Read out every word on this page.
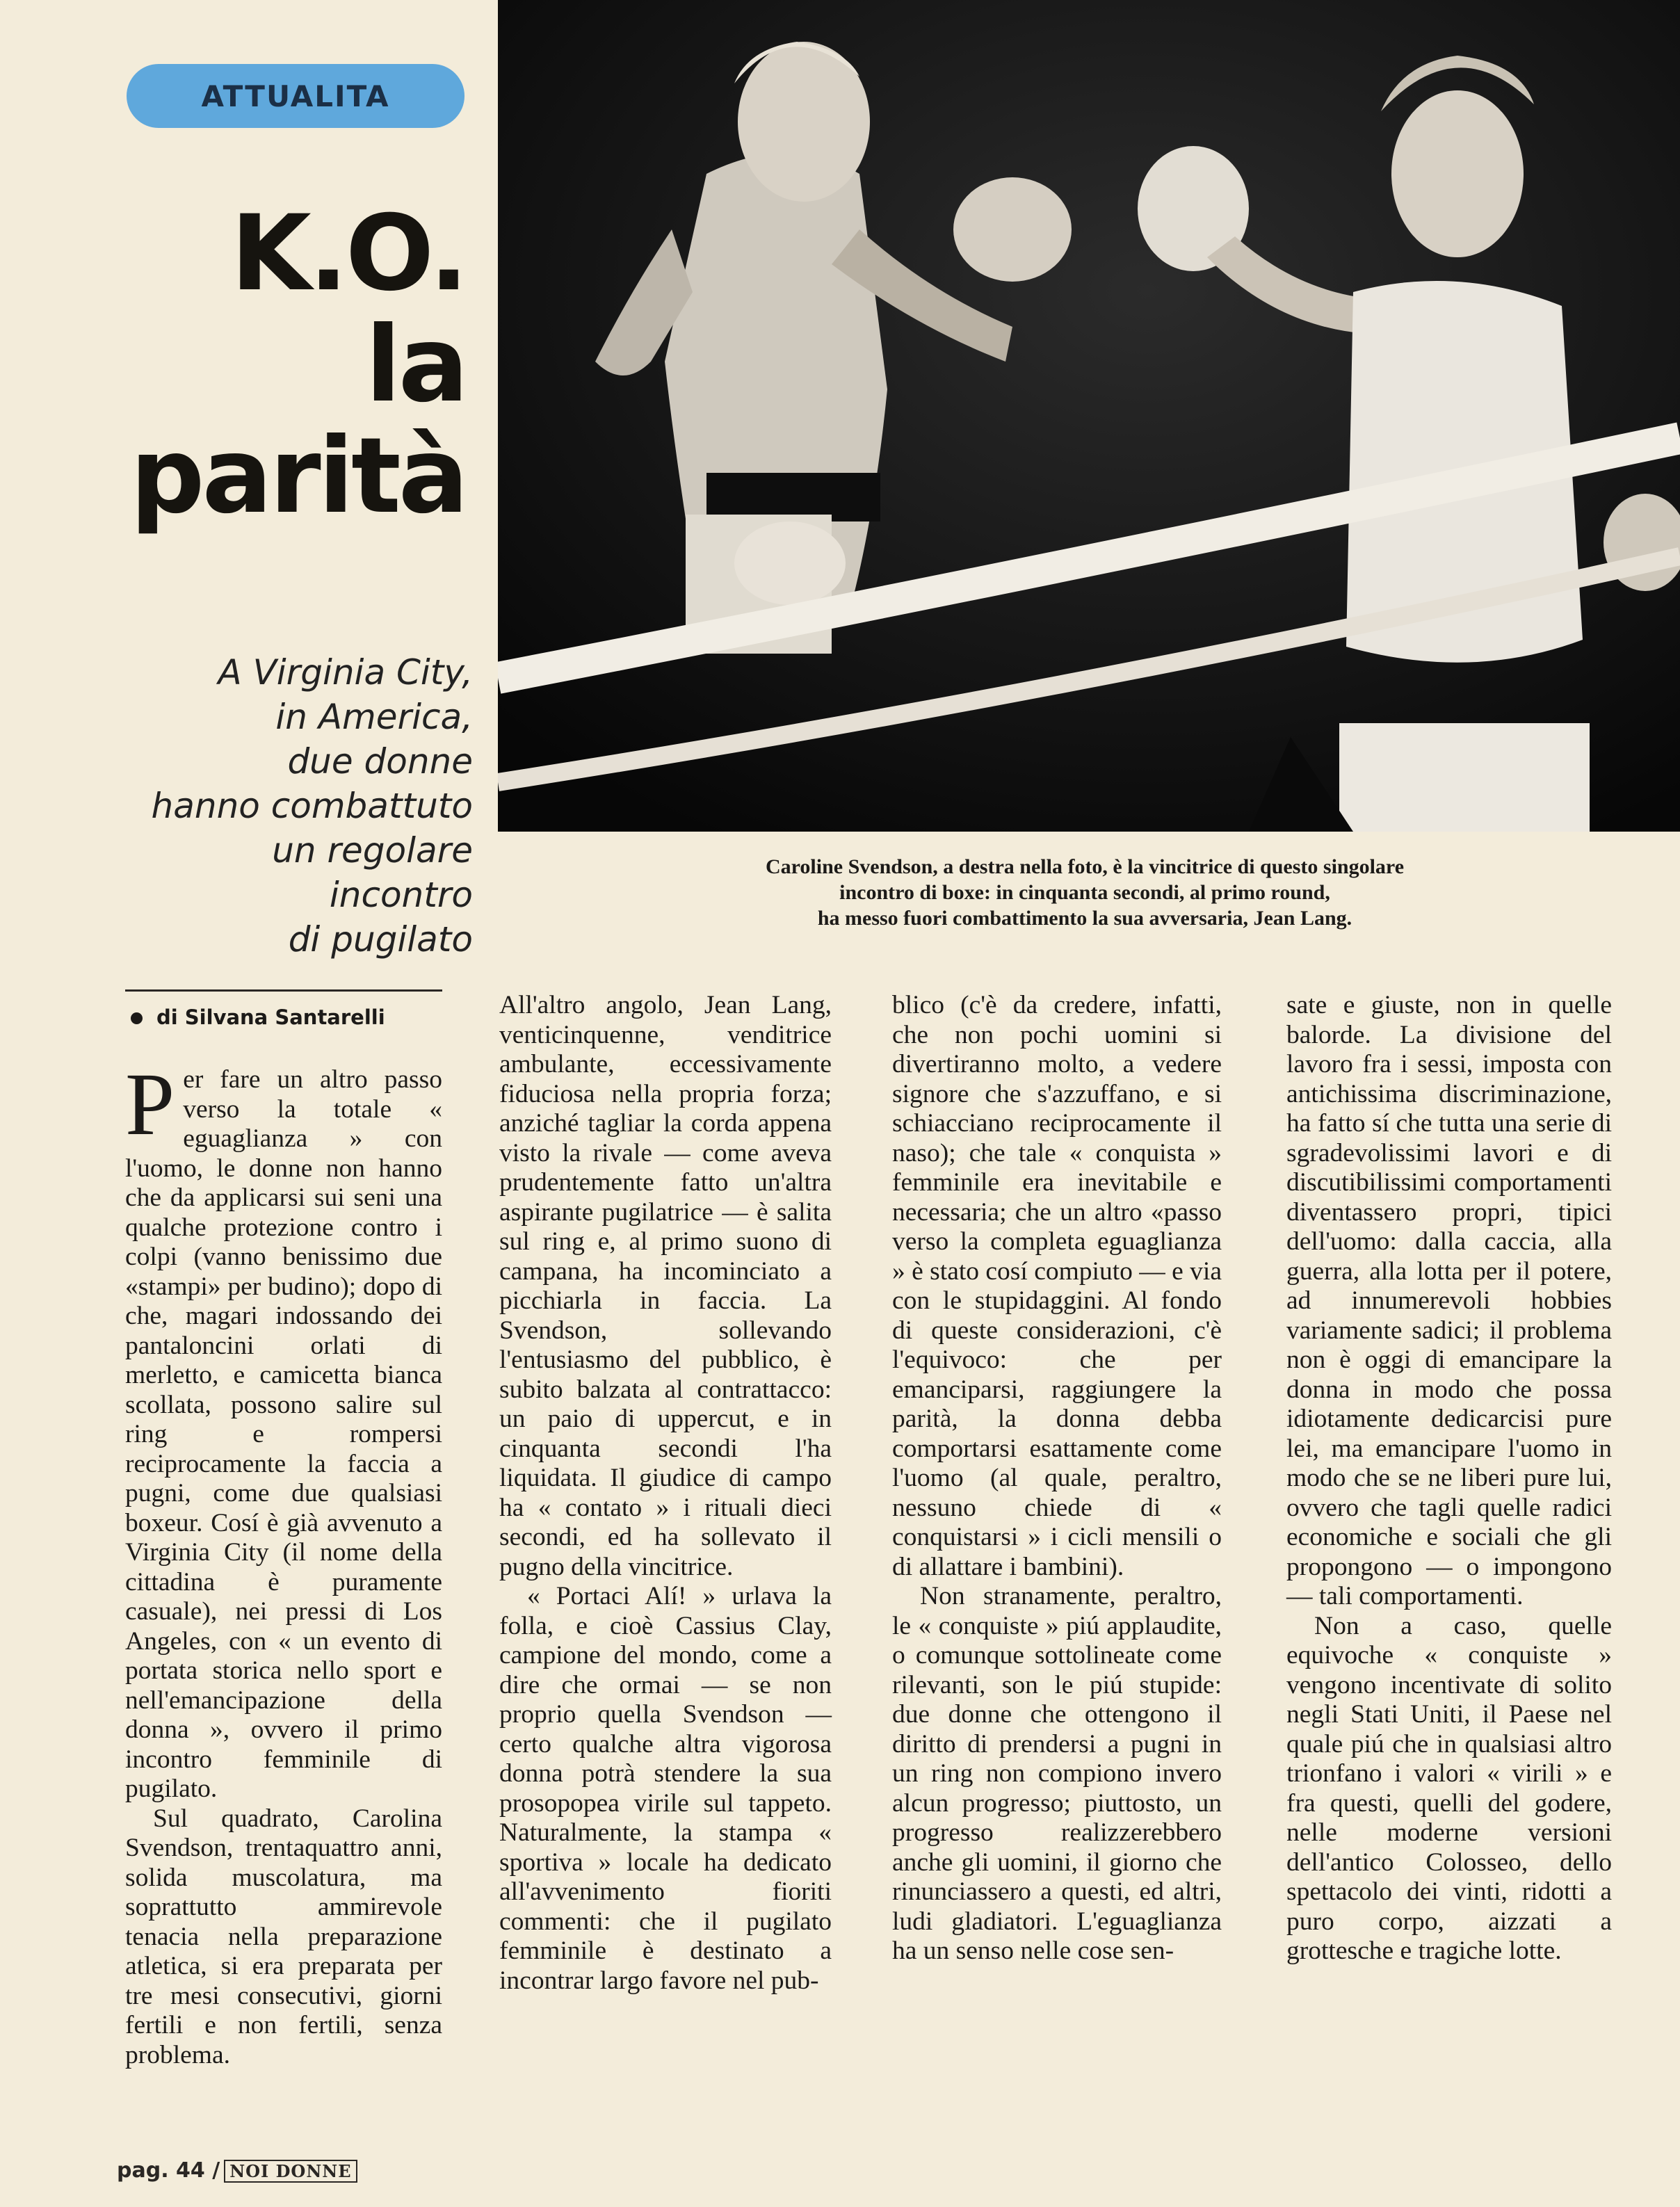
ATTUALITA
K.O.
la
parità
A Virginia City,
in America,
due donne
hanno combattuto
un regolare
incontro
di pugilato
Caroline Svendson, a destra nella foto, è la vincitrice di questo singolare
incontro di boxe: in cinquanta secondi, al primo round,
ha messo fuori combattimento la sua avversaria, Jean Lang.
di Silvana Santarelli

Per fare un altro passo verso la totale « eguaglianza » con l'uomo, le donne non hanno che da applicarsi sui seni una qualche protezione contro i colpi (vanno benissimo due «stampi» per budino); dopo di che, magari indossando dei pantaloncini orlati di merletto, e camicetta bianca scollata, possono salire sul ring e rompersi reciprocamente la faccia a pugni, come due qualsiasi boxeur. Cosí è già avvenuto a Virginia City (il nome della cittadina è puramente casuale), nei pressi di Los Angeles, con « un evento di portata storica nello sport e nell'emancipazione della donna », ovvero il primo incontro femminile di pugilato.

Sul quadrato, Carolina Svendson, trentaquattro anni, solida muscolatura, ma soprattutto ammirevole tenacia nella preparazione atletica, si era preparata per tre mesi consecutivi, giorni fertili e non fertili, senza problema.

All'altro angolo, Jean Lang, venticinquenne, venditrice ambulante, eccessivamente fiduciosa nella propria forza; anziché tagliar la corda appena visto la rivale — come aveva prudentemente fatto un'altra aspirante pugilatrice — è salita sul ring e, al primo suono di campana, ha incominciato a picchiarla in faccia. La Svendson, sollevando l'entusiasmo del pubblico, è subito balzata al contrattacco: un paio di uppercut, e in cinquanta secondi l'ha liquidata. Il giudice di campo ha « contato » i rituali dieci secondi, ed ha sollevato il pugno della vincitrice.

« Portaci Alí! » urlava la folla, e cioè Cassius Clay, campione del mondo, come a dire che ormai — se non proprio quella Svendson — certo qualche altra vigorosa donna potrà stendere la sua prosopopea virile sul tappeto. Naturalmente, la stampa « sportiva » locale ha dedicato all'avvenimento fioriti commenti: che il pugilato femminile è destinato a incontrar largo favore nel pub-

blico (c'è da credere, infatti, che non pochi uomini si divertiranno molto, a vedere signore che s'azzuffano, e si schiacciano reciprocamente il naso); che tale « conquista » femminile era inevitabile e necessaria; che un altro «passo verso la completa eguaglianza » è stato cosí compiuto — e via con le stupidaggini. Al fondo di queste considerazioni, c'è l'equivoco: che per emanciparsi, raggiungere la parità, la donna debba comportarsi esattamente come l'uomo (al quale, peraltro, nessuno chiede di « conquistarsi » i cicli mensili o di allattare i bambini).

Non stranamente, peraltro, le « conquiste » piú applaudite, o comunque sottolineate come rilevanti, son le piú stupide: due donne che ottengono il diritto di prendersi a pugni in un ring non compiono invero alcun progresso; piuttosto, un progresso realizzerebbero anche gli uomini, il giorno che rinunciassero a questi, ed altri, ludi gladiatori. L'eguaglianza ha un senso nelle cose sen-

sate e giuste, non in quelle balorde. La divisione del lavoro fra i sessi, imposta con antichissima discriminazione, ha fatto sí che tutta una serie di sgradevolissimi lavori e di discutibilissimi comportamenti diventassero propri, tipici dell'uomo: dalla caccia, alla guerra, alla lotta per il potere, ad innumerevoli hobbies variamente sadici; il problema non è oggi di emancipare la donna in modo che possa idiotamente dedicarcisi pure lei, ma emancipare l'uomo in modo che se ne liberi pure lui, ovvero che tagli quelle radici economiche e sociali che gli propongono — o impongono — tali comportamenti.

Non a caso, quelle equivoche « conquiste » vengono incentivate di solito negli Stati Uniti, il Paese nel quale piú che in qualsiasi altro trionfano i valori « virili » e fra questi, quelli del godere, nelle moderne versioni dell'antico Colosseo, dello spettacolo dei vinti, ridotti a puro corpo, aizzati a grottesche e tragiche lotte.

pag. 44 / NOI DONNE
